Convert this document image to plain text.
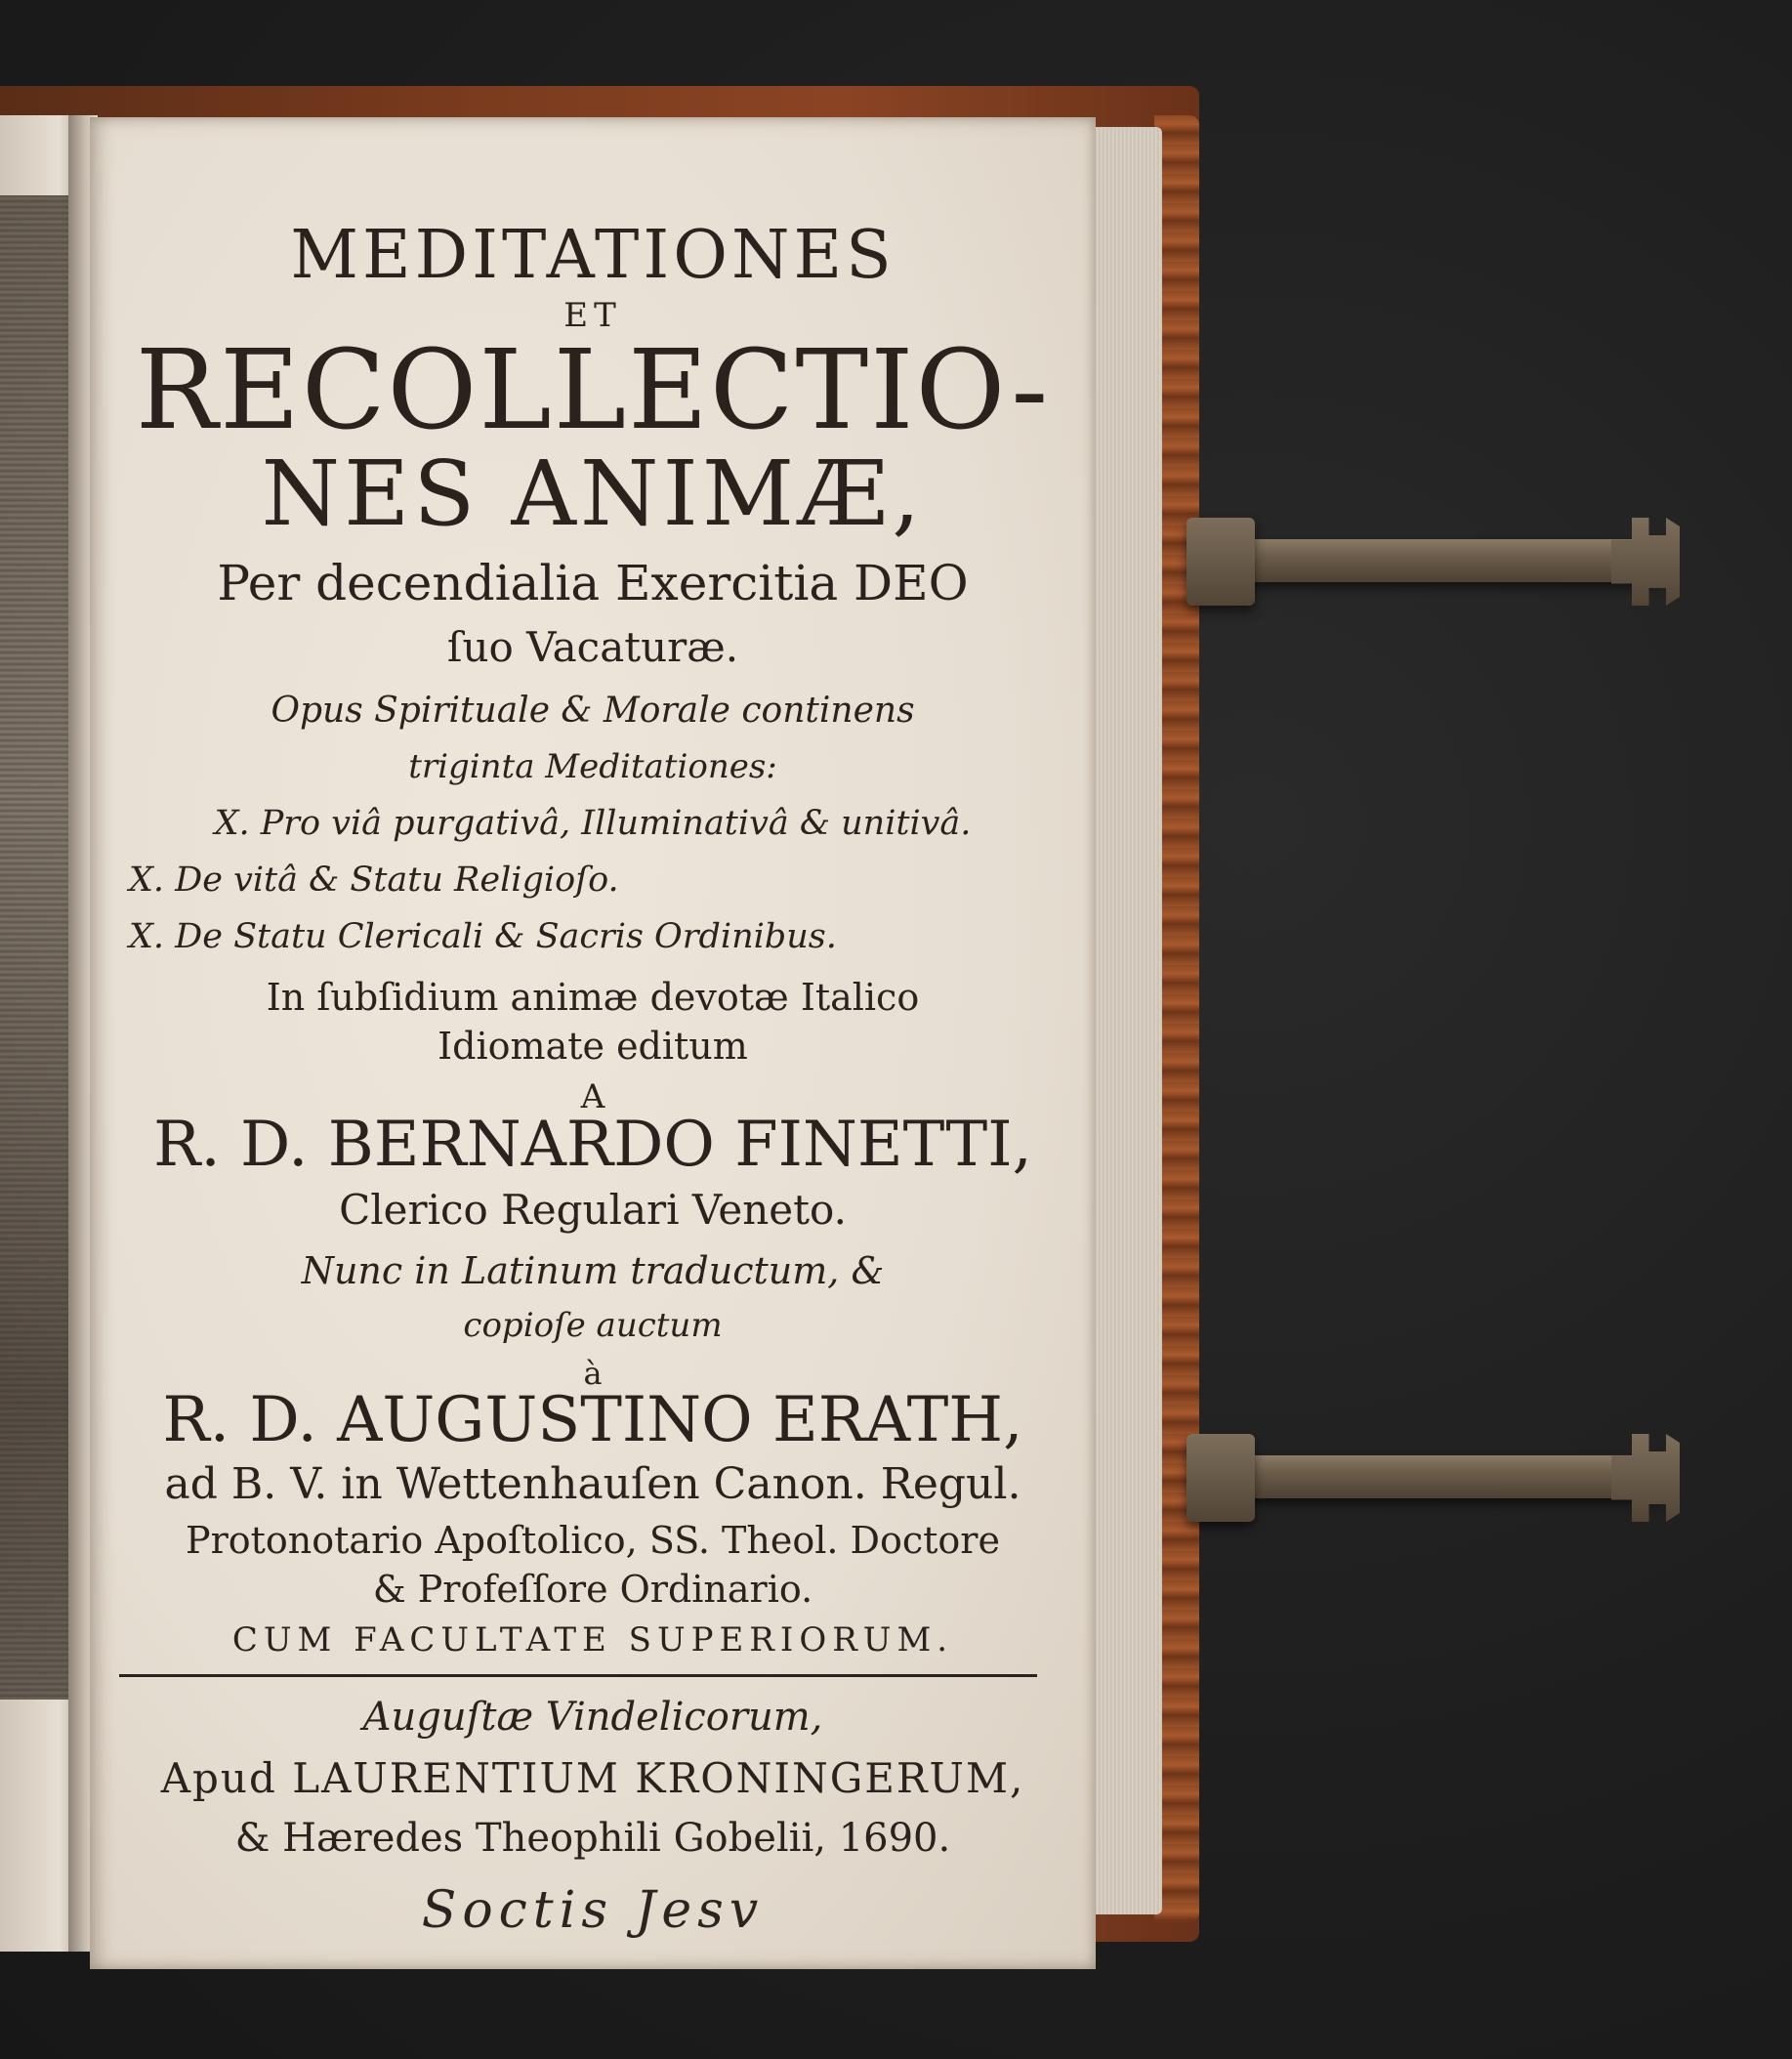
MEDITATIONES
ET
RECOLLECTIO-
NES ANIMÆ,
Per decendialia Exercitia DEO
ſuo Vacaturæ.
Opus Spirituale & Morale continens
triginta Meditationes:
X. Pro viâ purgativâ, Illuminativâ & unitivâ.
X. De vitâ & Statu Religioſo.
X. De Statu Clericali & Sacris Ordinibus.
In ſubſidium animæ devotæ Italico
Idiomate editum
A
R. D. BERNARDO FINETTI,
Clerico Regulari Veneto.
Nunc in Latinum traductum, &
copioſe auctum
à
R. D. AUGUSTINO ERATH,
ad B. V. in Wettenhauſen Canon. Regul.
Protonotario Apoſtolico, SS. Theol. Doctore
& Profeſſore Ordinario.
CUM FACULTATE SUPERIORUM.
Auguſtæ Vindelicorum,
Apud LAURENTIUM KRONINGERUM,
& Hæredes Theophili Gobelii, 1690.
Soctis Jesv
